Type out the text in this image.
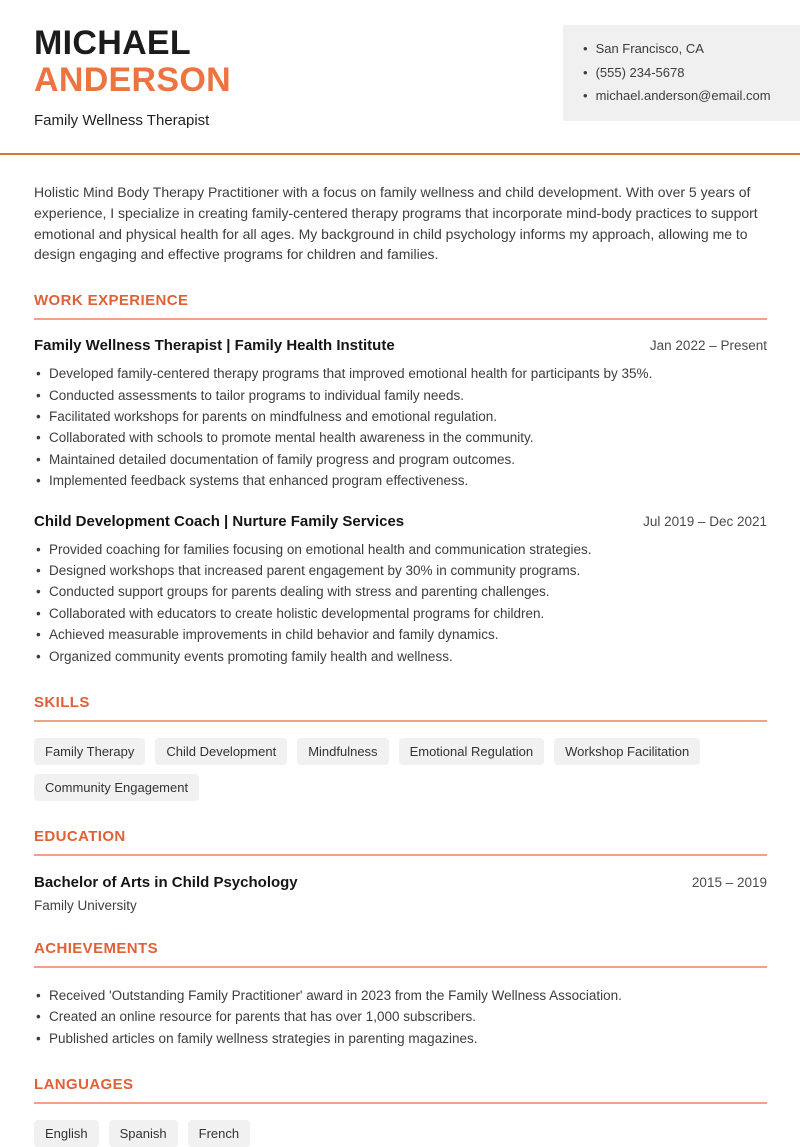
MICHAEL
ANDERSON
Family Wellness Therapist
• San Francisco, CA
• (555) 234-5678
• michael.anderson@email.com

Holistic Mind Body Therapy Practitioner with a focus on family wellness and child development. With over 5 years of experience, I specialize in creating family-centered therapy programs that incorporate mind-body practices to support emotional and physical health for all ages. My background in child psychology informs my approach, allowing me to design engaging and effective programs for children and families.

WORK EXPERIENCE
Family Wellness Therapist | Family Health Institute	Jan 2022 – Present
• Developed family-centered therapy programs that improved emotional health for participants by 35%.
• Conducted assessments to tailor programs to individual family needs.
• Facilitated workshops for parents on mindfulness and emotional regulation.
• Collaborated with schools to promote mental health awareness in the community.
• Maintained detailed documentation of family progress and program outcomes.
• Implemented feedback systems that enhanced program effectiveness.
Child Development Coach | Nurture Family Services	Jul 2019 – Dec 2021
• Provided coaching for families focusing on emotional health and communication strategies.
• Designed workshops that increased parent engagement by 30% in community programs.
• Conducted support groups for parents dealing with stress and parenting challenges.
• Collaborated with educators to create holistic developmental programs for children.
• Achieved measurable improvements in child behavior and family dynamics.
• Organized community events promoting family health and wellness.
SKILLS
Family Therapy	Child Development	Mindfulness	Emotional Regulation	Workshop Facilitation
Community Engagement
EDUCATION
Bachelor of Arts in Child Psychology	2015 – 2019
Family University
ACHIEVEMENTS
• Received 'Outstanding Family Practitioner' award in 2023 from the Family Wellness Association.
• Created an online resource for parents that has over 1,000 subscribers.
• Published articles on family wellness strategies in parenting magazines.
LANGUAGES
English	Spanish	French
